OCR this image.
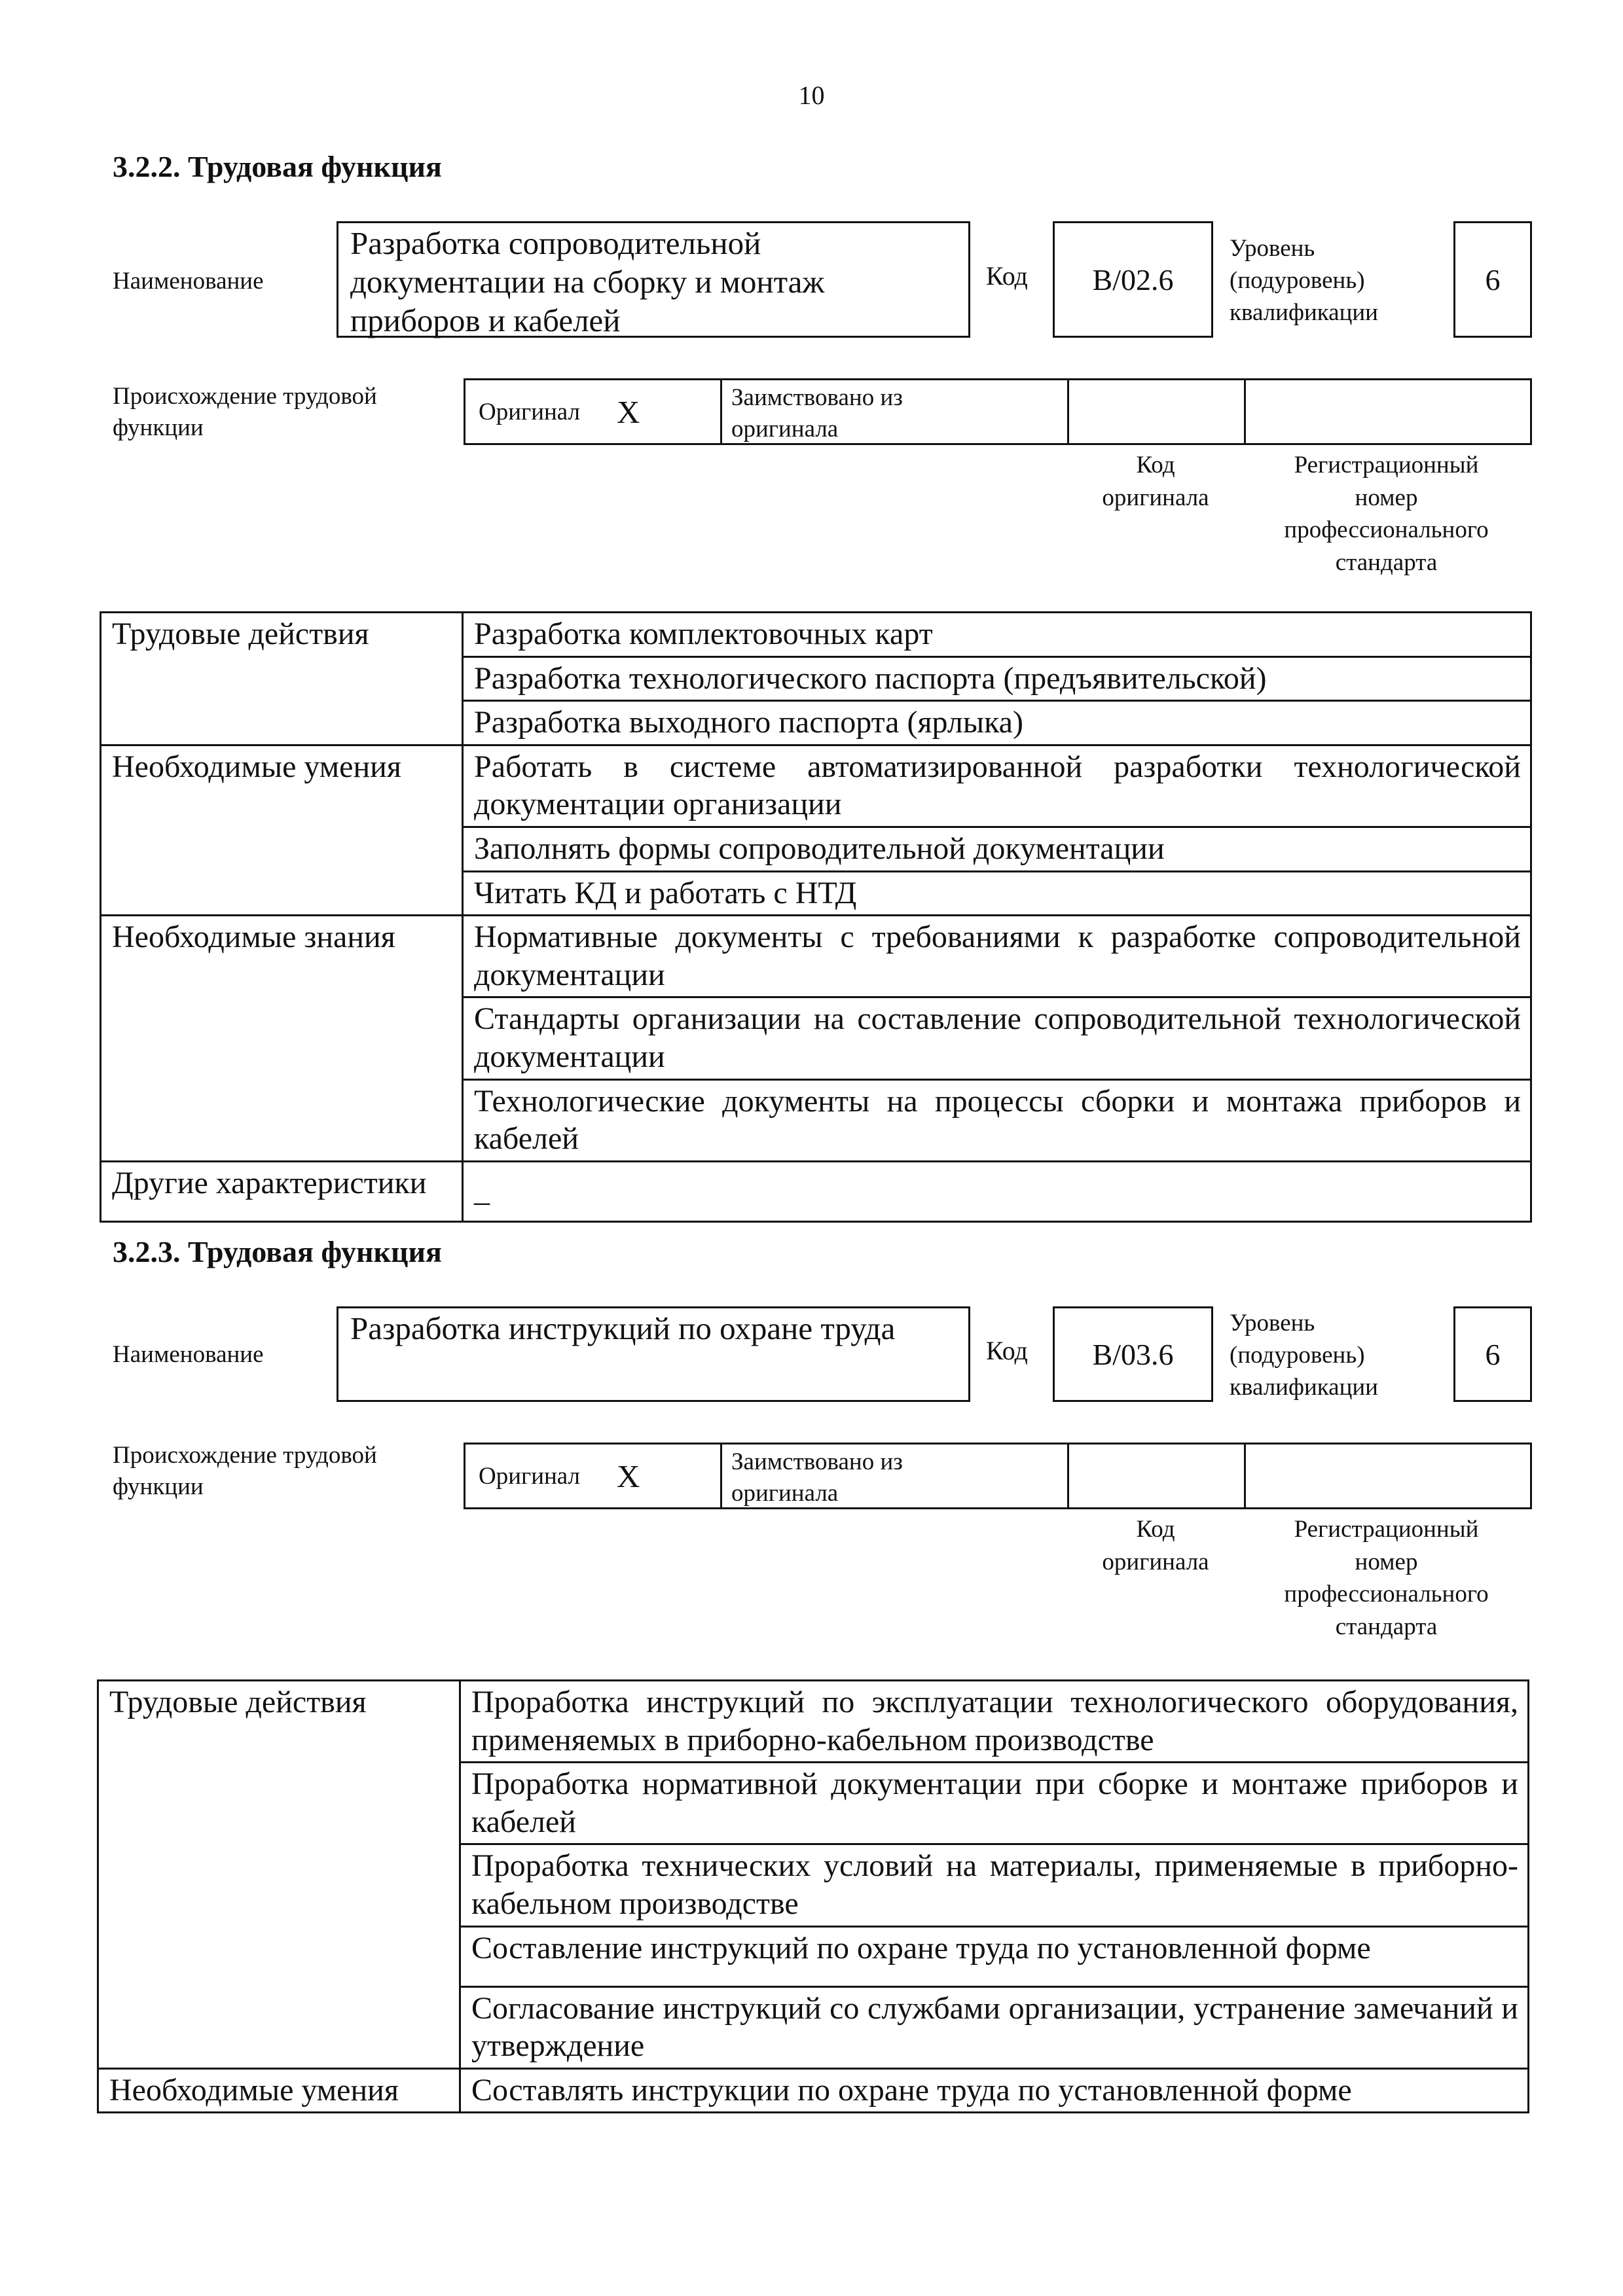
10
3.2.2. Трудовая функция
Наименование
Разработка сопроводительной документации на сборку и монтаж приборов и кабелей
Код B/02.6
Уровень
(подуровень)
квалификации
6
Происхождение трудовой
функции
Оригинал X	Заимствовано из
оригинала
Код
оригинала
Регистрационный
номер
профессионального
стандарта
Трудовые действия	Разработка комплектовочных карт
	Разработка технологического паспорта (предъявительской)
	Разработка выходного паспорта (ярлыка)
Необходимые умения	Работать в системе автоматизированной разработки технологической документации организации
	Заполнять формы сопроводительной документации
	Читать КД и работать с НТД
Необходимые знания	Нормативные документы с требованиями к разработке сопроводительной документации
	Стандарты организации на составление сопроводительной технологической документации
	Технологические документы на процессы сборки и монтажа приборов и кабелей
Другие характеристики	_
3.2.3. Трудовая функция
Наименование
Разработка инструкций по охране труда
Код B/03.6
Уровень
(подуровень)
квалификации
6
Происхождение трудовой
функции	Оригинал X	Заимствовано из
оригинала
Код
оригинала
Регистрационный
номер
профессионального
стандарта
Трудовые действия	Проработка инструкций по эксплуатации технологического оборудования, применяемых в приборно-кабельном производстве
	Проработка нормативной документации при сборке и монтаже приборов и кабелей
	Проработка технических условий на материалы, применяемые в приборно-кабельном производстве
	Составление инструкций по охране труда по установленной форме
	Согласование инструкций со службами организации, устранение замечаний и утверждение
Необходимые умения	Составлять инструкции по охране труда по установленной форме
